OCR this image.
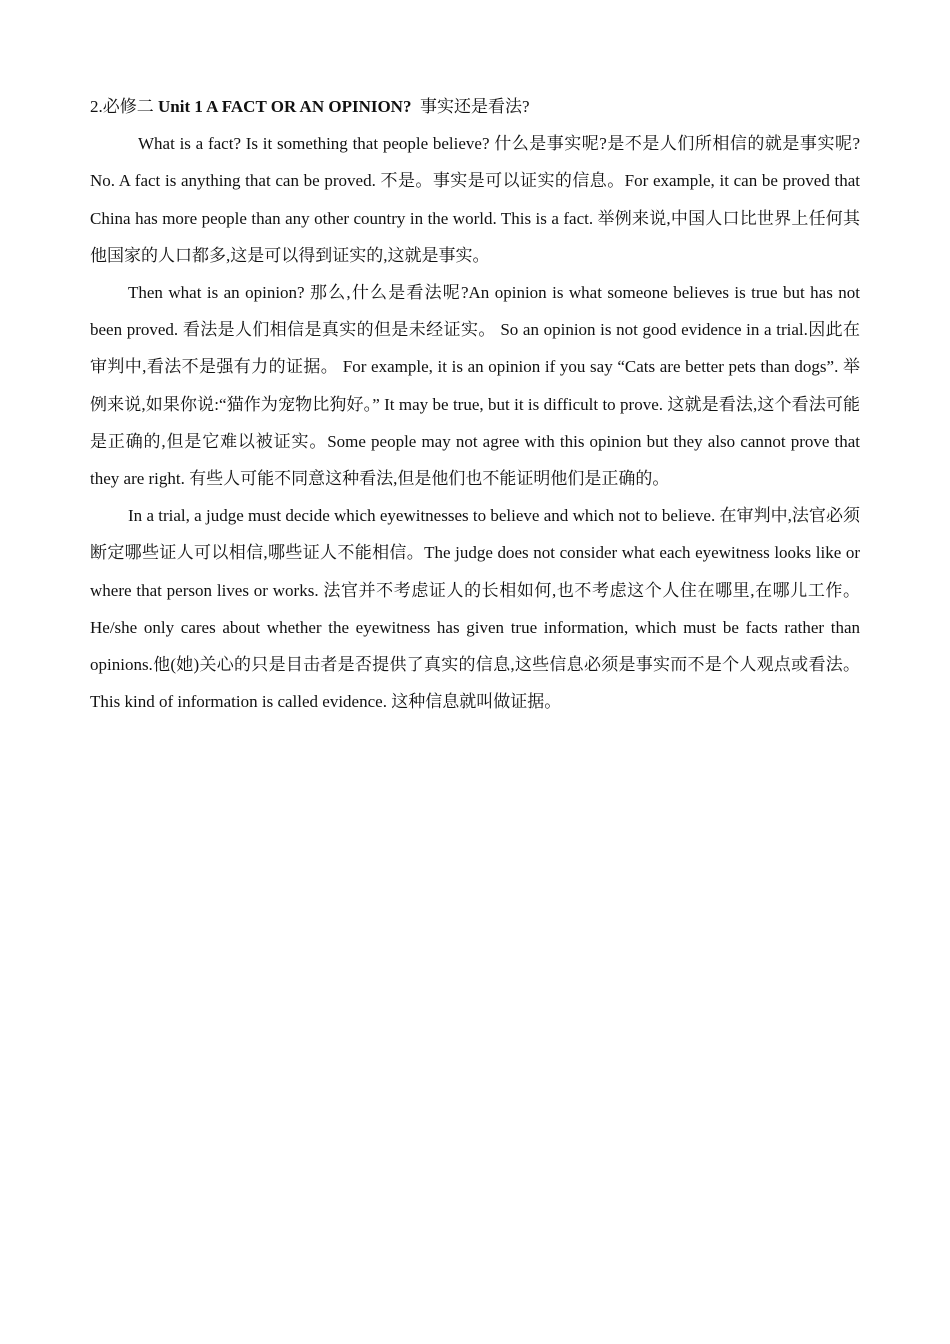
2.必修二 Unit 1 A FACT OR AN OPINION?  事实还是看法?

What is a fact? Is it something that people believe? 什么是事实呢?是不是人们所相信的就是事实呢? No. A fact is anything that can be proved. 不是。事实是可以证实的信息。For example, it can be proved that China has more people than any other country in the world. This is a fact. 举例来说,中国人口比世界上任何其他国家的人口都多,这是可以得到证实的,这就是事实。

Then what is an opinion? 那么,什么是看法呢?An opinion is what someone believes is true but has not been proved. 看法是人们相信是真实的但是未经证实。 So an opinion is not good evidence in a trial.因此在审判中,看法不是强有力的证据。 For example, it is an opinion if you say “Cats are better pets than dogs”. 举例来说,如果你说:“猫作为宠物比狗好。” It may be true, but it is difficult to prove. 这就是看法,这个看法可能是正确的,但是它难以被证实。Some people may not agree with this opinion but they also cannot prove that they are right. 有些人可能不同意这种看法,但是他们也不能证明他们是正确的。

In a trial, a judge must decide which eyewitnesses to believe and which not to believe. 在审判中,法官必须断定哪些证人可以相信,哪些证人不能相信。The judge does not consider what each eyewitness looks like or where that person lives or works. 法官并不考虑证人的长相如何,也不考虑这个人住在哪里,在哪儿工作。He/she only cares about whether the eyewitness has given true information, which must be facts rather than opinions.他(她)关心的只是目击者是否提供了真实的信息,这些信息必须是事实而不是个人观点或看法。 This kind of information is called evidence. 这种信息就叫做证据。
